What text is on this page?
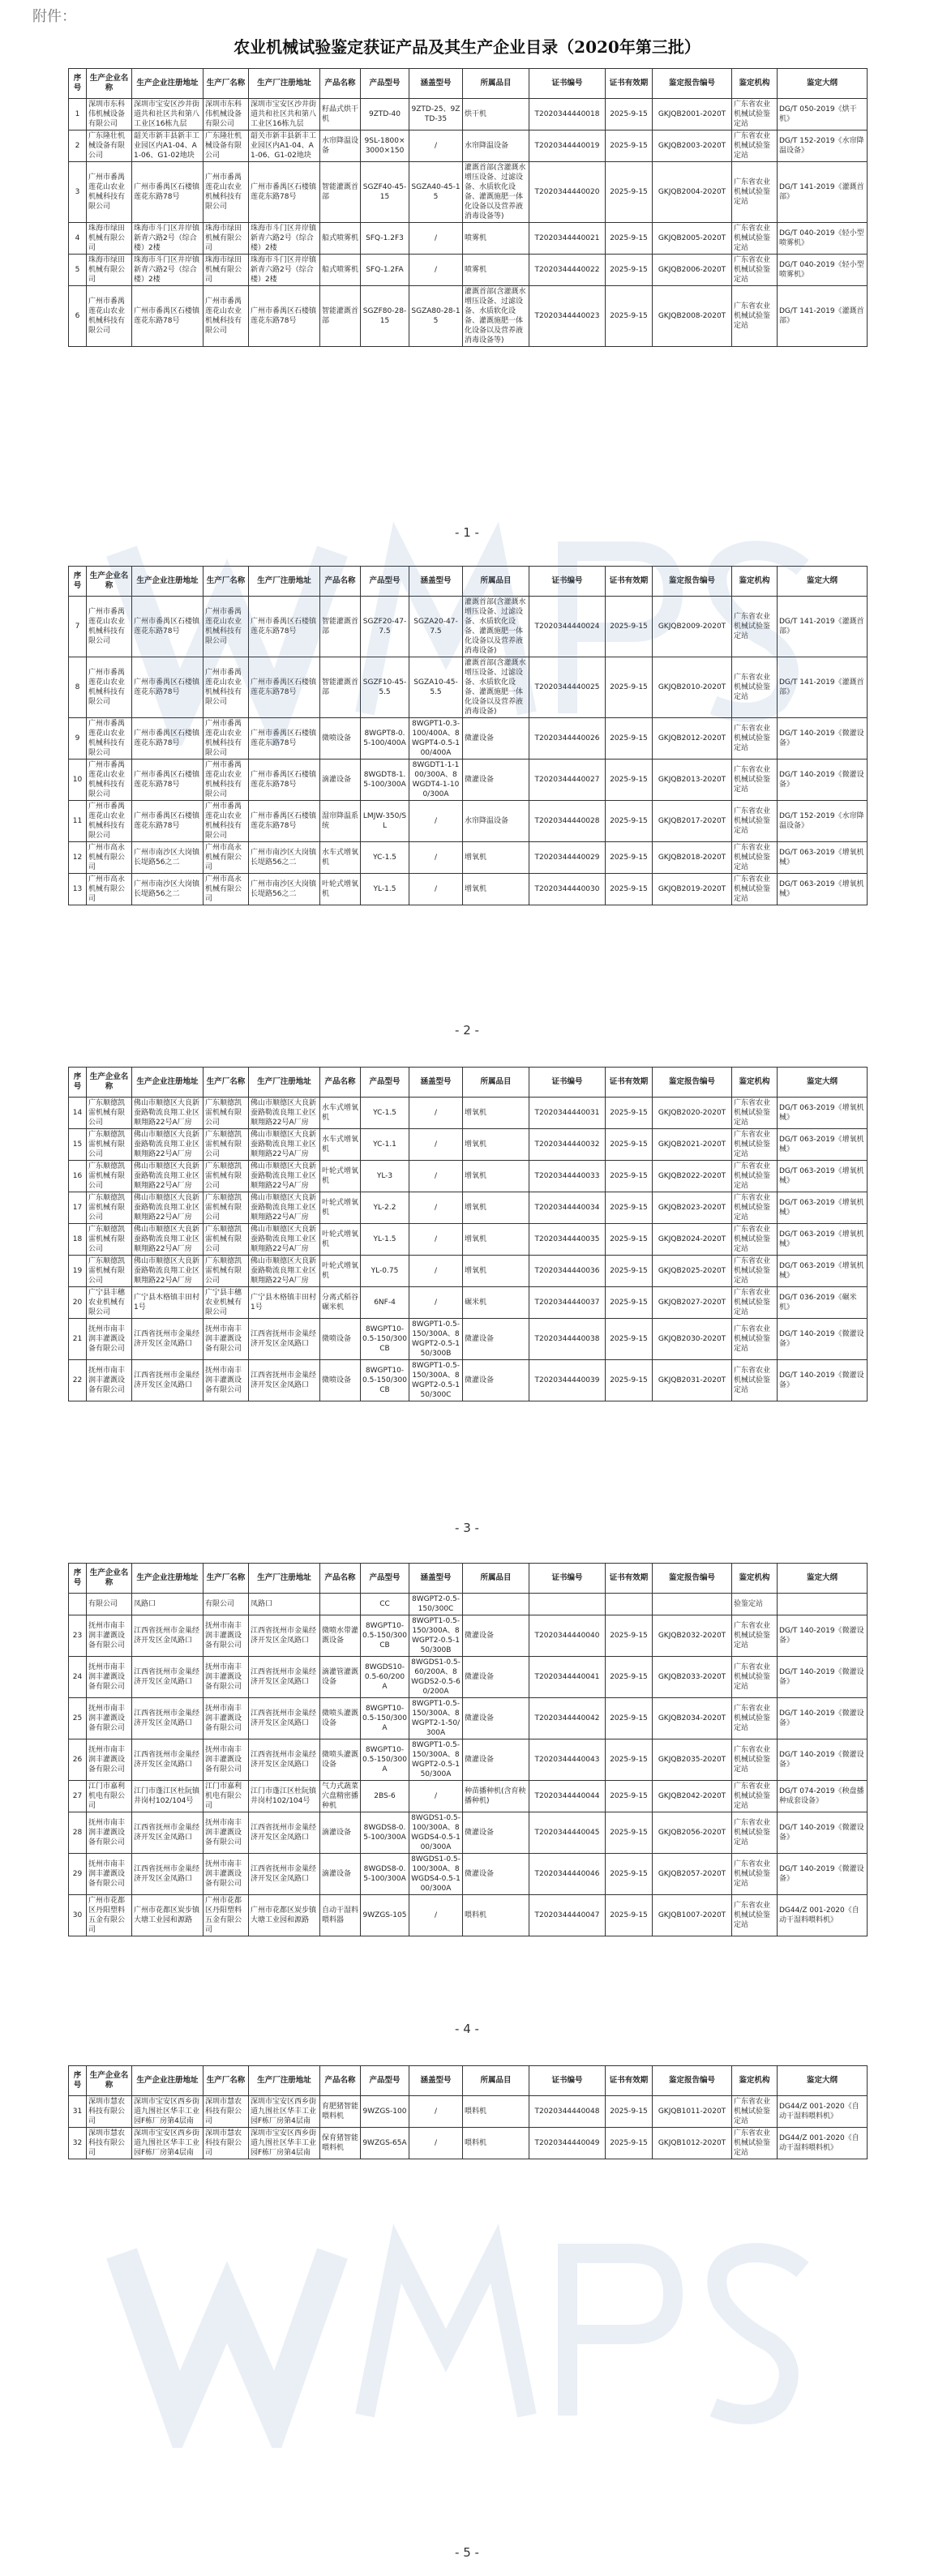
附件：
农业机械试验鉴定获证产品及其生产企业目录（2020年第三批）
序号	生产企业名称	生产企业注册地址	生产厂名称	生产厂注册地址	产品名称	产品型号	涵盖型号	所属品目	证书编号	证书有效期	鉴定报告编号	鉴定机构	鉴定大纲
1	深圳市东科伟机械设备有限公司	深圳市宝安区沙井街道共和社区共和第八工业区16栋九层	深圳市东科伟机械设备有限公司	深圳市宝安区沙井街道共和社区共和第八工业区16栋九层	籽晶式烘干机	9ZTD-40	9ZTD-25、9ZTD-35	烘干机	T2020344440018	2025-9-15	GKJQB2001-2020T	广东省农业机械试验鉴定站	DG/T 050-2019《烘干机》
2	广东隆壮机械设备有限公司	韶关市新丰县新丰工业园区内A1-04、A1-06、G1-02地块	广东隆壮机械设备有限公司	韶关市新丰县新丰工业园区内A1-04、A1-06、G1-02地块	水帘降温设备	9SL-1800×3000×150	/	水帘降温设备	T2020344440019	2025-9-15	GKJQB2003-2020T	广东省农业机械试验鉴定站	DG/T 152-2019《水帘降温设备》
3	广州市番禺莲花山农业机械科技有限公司	广州市番禺区石楼镇莲花东路78号	广州市番禺莲花山农业机械科技有限公司	广州市番禺区石楼镇莲花东路78号	智能灌溉首部	SGZF40-45-15	SGZA40-45-15	灌溉首部(含灌溉水增压设备、过滤设备、水质软化设备、灌溉施肥一体化设备以及营养液消毒设备等)	T2020344440020	2025-9-15	GKJQB2004-2020T	广东省农业机械试验鉴定站	DG/T 141-2019《灌溉首部》
4	珠海市绿田机械有限公司	珠海市斗门区井岸镇新青六路2号（综合楼）2楼	珠海市绿田机械有限公司	珠海市斗门区井岸镇新青六路2号（综合楼）2楼	船式喷雾机	SFQ-1.2F3	/	喷雾机	T2020344440021	2025-9-15	GKJQB2005-2020T	广东省农业机械试验鉴定站	DG/T 040-2019《轻小型喷雾机》
5	珠海市绿田机械有限公司	珠海市斗门区井岸镇新青六路2号（综合楼）2楼	珠海市绿田机械有限公司	珠海市斗门区井岸镇新青六路2号（综合楼）2楼	船式喷雾机	SFQ-1.2FA	/	喷雾机	T2020344440022	2025-9-15	GKJQB2006-2020T	广东省农业机械试验鉴定站	DG/T 040-2019《轻小型喷雾机》
6	广州市番禺莲花山农业机械科技有限公司	广州市番禺区石楼镇莲花东路78号	广州市番禺莲花山农业机械科技有限公司	广州市番禺区石楼镇莲花东路78号	智能灌溉首部	SGZF80-28-15	SGZA80-28-15	灌溉首部(含灌溉水增压设备、过滤设备、水质软化设备、灌溉施肥一体化设备以及营养液消毒设备等)	T2020344440023	2025-9-15	GKJQB2008-2020T	广东省农业机械试验鉴定站	DG/T 141-2019《灌溉首部》
- 1 -
序号	生产企业名称	生产企业注册地址	生产厂名称	生产厂注册地址	产品名称	产品型号	涵盖型号	所属品目	证书编号	证书有效期	鉴定报告编号	鉴定机构	鉴定大纲
7	广州市番禺莲花山农业机械科技有限公司	广州市番禺区石楼镇莲花东路78号	广州市番禺莲花山农业机械科技有限公司	广州市番禺区石楼镇莲花东路78号	智能灌溉首部	SGZF20-47-7.5	SGZA20-47-7.5	灌溉首部(含灌溉水增压设备、过滤设备、水质软化设备、灌溉施肥一体化设备以及营养液消毒设备)	T2020344440024	2025-9-15	GKJQB2009-2020T	广东省农业机械试验鉴定站	DG/T 141-2019《灌溉首部》
8	广州市番禺莲花山农业机械科技有限公司	广州市番禺区石楼镇莲花东路78号	广州市番禺莲花山农业机械科技有限公司	广州市番禺区石楼镇莲花东路78号	智能灌溉首部	SGZF10-45-5.5	SGZA10-45-5.5	灌溉首部(含灌溉水增压设备、过滤设备、水质软化设备、灌溉施肥一体化设备以及营养液消毒设备)	T2020344440025	2025-9-15	GKJQB2010-2020T	广东省农业机械试验鉴定站	DG/T 141-2019《灌溉首部》
9	广州市番禺莲花山农业机械科技有限公司	广州市番禺区石楼镇莲花东路78号	广州市番禺莲花山农业机械科技有限公司	广州市番禺区石楼镇莲花东路78号	微喷设备	8WGPT8-0.5-100/400A	8WGPT1-0.3-100/400A、8WGPT4-0.5-100/400A	微灌设备	T2020344440026	2025-9-15	GKJQB2012-2020T	广东省农业机械试验鉴定站	DG/T 140-2019《微灌设备》
10	广州市番禺莲花山农业机械科技有限公司	广州市番禺区石楼镇莲花东路78号	广州市番禺莲花山农业机械科技有限公司	广州市番禺区石楼镇莲花东路78号	滴灌设备	8WGDT8-1.5-100/300A	8WGDT1-1-100/300A、8WGDT4-1-100/300A	微灌设备	T2020344440027	2025-9-15	GKJQB2013-2020T	广东省农业机械试验鉴定站	DG/T 140-2019《微灌设备》
11	广州市番禺莲花山农业机械科技有限公司	广州市番禺区石楼镇莲花东路78号	广州市番禺莲花山农业机械科技有限公司	广州市番禺区石楼镇莲花东路78号	湿帘降温系统	LMJW-350/SL	/	水帘降温设备	T2020344440028	2025-9-15	GKJQB2017-2020T	广东省农业机械试验鉴定站	DG/T 152-2019《水帘降温设备》
12	广州市高永机械有限公司	广州市南沙区大岗镇长堤路56之二	广州市高永机械有限公司	广州市南沙区大岗镇长堤路56之二	水车式增氧机	YC-1.5	/	增氧机	T2020344440029	2025-9-15	GKJQB2018-2020T	广东省农业机械试验鉴定站	DG/T 063-2019《增氧机械》
13	广州市高永机械有限公司	广州市南沙区大岗镇长堤路56之二	广州市高永机械有限公司	广州市南沙区大岗镇长堤路56之二	叶轮式增氧机	YL-1.5	/	增氧机	T2020344440030	2025-9-15	GKJQB2019-2020T	广东省农业机械试验鉴定站	DG/T 063-2019《增氧机械》
- 2 -
序号	生产企业名称	生产企业注册地址	生产厂名称	生产厂注册地址	产品名称	产品型号	涵盖型号	所属品目	证书编号	证书有效期	鉴定报告编号	鉴定机构	鉴定大纲
14	广东顺德凯雷机械有限公司	佛山市顺德区大良新蚕路勒流良翔工业区顺翔路22号A厂房	广东顺德凯雷机械有限公司	佛山市顺德区大良新蚕路勒流良翔工业区顺翔路22号A厂房	水车式增氧机	YC-1.5	/	增氧机	T2020344440031	2025-9-15	GKJQB2020-2020T	广东省农业机械试验鉴定站	DG/T 063-2019《增氧机械》
15	广东顺德凯雷机械有限公司	佛山市顺德区大良新蚕路勒流良翔工业区顺翔路22号A厂房	广东顺德凯雷机械有限公司	佛山市顺德区大良新蚕路勒流良翔工业区顺翔路22号A厂房	水车式增氧机	YC-1.1	/	增氧机	T2020344440032	2025-9-15	GKJQB2021-2020T	广东省农业机械试验鉴定站	DG/T 063-2019《增氧机械》
16	广东顺德凯雷机械有限公司	佛山市顺德区大良新蚕路勒流良翔工业区顺翔路22号A厂房	广东顺德凯雷机械有限公司	佛山市顺德区大良新蚕路勒流良翔工业区顺翔路22号A厂房	叶轮式增氧机	YL-3	/	增氧机	T2020344440033	2025-9-15	GKJQB2022-2020T	广东省农业机械试验鉴定站	DG/T 063-2019《增氧机械》
17	广东顺德凯雷机械有限公司	佛山市顺德区大良新蚕路勒流良翔工业区顺翔路22号A厂房	广东顺德凯雷机械有限公司	佛山市顺德区大良新蚕路勒流良翔工业区顺翔路22号A厂房	叶轮式增氧机	YL-2.2	/	增氧机	T2020344440034	2025-9-15	GKJQB2023-2020T	广东省农业机械试验鉴定站	DG/T 063-2019《增氧机械》
18	广东顺德凯雷机械有限公司	佛山市顺德区大良新蚕路勒流良翔工业区顺翔路22号A厂房	广东顺德凯雷机械有限公司	佛山市顺德区大良新蚕路勒流良翔工业区顺翔路22号A厂房	叶轮式增氧机	YL-1.5	/	增氧机	T2020344440035	2025-9-15	GKJQB2024-2020T	广东省农业机械试验鉴定站	DG/T 063-2019《增氧机械》
19	广东顺德凯雷机械有限公司	佛山市顺德区大良新蚕路勒流良翔工业区顺翔路22号A厂房	广东顺德凯雷机械有限公司	佛山市顺德区大良新蚕路勒流良翔工业区顺翔路22号A厂房	叶轮式增氧机	YL-0.75	/	增氧机	T2020344440036	2025-9-15	GKJQB2025-2020T	广东省农业机械试验鉴定站	DG/T 063-2019《增氧机械》
20	广宁县丰穗农业机械有限公司	广宁县木格镇丰田村1号	广宁县丰穗农业机械有限公司	广宁县木格镇丰田村1号	分离式稻谷碾米机	6NF-4	/	碾米机	T2020344440037	2025-9-15	GKJQB2027-2020T	广东省农业机械试验鉴定站	DG/T 036-2019《碾米机》
21	抚州市南丰润丰灌溉设备有限公司	江西省抚州市金巢经济开发区金凤路口	抚州市南丰润丰灌溉设备有限公司	江西省抚州市金巢经济开发区金凤路口	微喷设备	8WGPT10-0.5-150/300CB	8WGPT1-0.5-150/300A、8WGPT2-0.5-150/300B	微灌设备	T2020344440038	2025-9-15	GKJQB2030-2020T	广东省农业机械试验鉴定站	DG/T 140-2019《微灌设备》
22	抚州市南丰润丰灌溉设备有限公司	江西省抚州市金巢经济开发区金凤路口	抚州市南丰润丰灌溉设备有限公司	江西省抚州市金巢经济开发区金凤路口	微喷设备	8WGPT10-0.5-150/300CB	8WGPT1-0.5-150/300A、8WGPT2-0.5-150/300C	微灌设备	T2020344440039	2025-9-15	GKJQB2031-2020T	广东省农业机械试验鉴定站	DG/T 140-2019《微灌设备》
- 3 -
序号	生产企业名称	生产企业注册地址	生产厂名称	生产厂注册地址	产品名称	产品型号	涵盖型号	所属品目	证书编号	证书有效期	鉴定报告编号	鉴定机构	鉴定大纲
	有限公司	凤路口	有限公司	凤路口		CC	8WGPT2-0.5-150/300C					验鉴定站	
23	抚州市南丰润丰灌溉设备有限公司	江西省抚州市金巢经济开发区金凤路口	抚州市南丰润丰灌溉设备有限公司	江西省抚州市金巢经济开发区金凤路口	微喷水带灌溉设备	8WGPT10-0.5-150/300CB	8WGPT1-0.5-150/300A、8WGPT2-0.5-150/300B	微灌设备	T2020344440040	2025-9-15	GKJQB2032-2020T	广东省农业机械试验鉴定站	DG/T 140-2019《微灌设备》
24	抚州市南丰润丰灌溉设备有限公司	江西省抚州市金巢经济开发区金凤路口	抚州市南丰润丰灌溉设备有限公司	江西省抚州市金巢经济开发区金凤路口	滴灌管灌溉设备	8WGDS10-0.5-60/200A	8WGDS1-0.5-60/200A、8WGDS2-0.5-60/200A	微灌设备	T2020344440041	2025-9-15	GKJQB2033-2020T	广东省农业机械试验鉴定站	DG/T 140-2019《微灌设备》
25	抚州市南丰润丰灌溉设备有限公司	江西省抚州市金巢经济开发区金凤路口	抚州市南丰润丰灌溉设备有限公司	江西省抚州市金巢经济开发区金凤路口	微喷头灌溉设备	8WGPT10-0.5-150/300A	8WGPT1-0.5-150/300A、8WGPT2-1-50/300A	微灌设备	T2020344440042	2025-9-15	GKJQB2034-2020T	广东省农业机械试验鉴定站	DG/T 140-2019《微灌设备》
26	抚州市南丰润丰灌溉设备有限公司	江西省抚州市金巢经济开发区金凤路口	抚州市南丰润丰灌溉设备有限公司	江西省抚州市金巢经济开发区金凤路口	微喷头灌溉设备	8WGPT10-0.5-150/300A	8WGPT1-0.5-150/300A、8WGPT2-0.5-150/300A	微灌设备	T2020344440043	2025-9-15	GKJQB2035-2020T	广东省农业机械试验鉴定站	DG/T 140-2019《微灌设备》
27	江门市嘉利机电有限公司	江门市蓬江区杜阮镇井岗村102/104号	江门市嘉利机电有限公司	江门市蓬江区杜阮镇井岗村102/104号	气力式蔬菜穴盘精密播种机	2BS-6	/	种苗播种机(含育秧播种机)	T2020344440044	2025-9-15	GKJQB2042-2020T	广东省农业机械试验鉴定站	DG/T 074-2019《秧盘播种成套设备》
28	抚州市南丰润丰灌溉设备有限公司	江西省抚州市金巢经济开发区金凤路口	抚州市南丰润丰灌溉设备有限公司	江西省抚州市金巢经济开发区金凤路口	滴灌设备	8WGDS8-0.5-100/300A	8WGDS1-0.5-100/300A、8WGDS4-0.5-100/300A	微灌设备	T2020344440045	2025-9-15	GKJQB2056-2020T	广东省农业机械试验鉴定站	DG/T 140-2019《微灌设备》
29	抚州市南丰润丰灌溉设备有限公司	江西省抚州市金巢经济开发区金凤路口	抚州市南丰润丰灌溉设备有限公司	江西省抚州市金巢经济开发区金凤路口	滴灌设备	8WGDS8-0.5-100/300A	8WGDS1-0.5-100/300A、8WGDS4-0.5-100/300A	微灌设备	T2020344440046	2025-9-15	GKJQB2057-2020T	广东省农业机械试验鉴定站	DG/T 140-2019《微灌设备》
30	广州市花都区丹阳塑料五金有限公司	广州市花都区炭步镇大塘工业园和源路	广州市花都区丹阳塑料五金有限公司	广州市花都区炭步镇大塘工业园和源路	自动干湿料喂料器	9WZGS-105	/	喂料机	T2020344440047	2025-9-15	GKJQB1007-2020T	广东省农业机械试验鉴定站	DG44/Z 001-2020《自动干湿料喂料机》
- 4 -
序号	生产企业名称	生产企业注册地址	生产厂名称	生产厂注册地址	产品名称	产品型号	涵盖型号	所属品目	证书编号	证书有效期	鉴定报告编号	鉴定机构	鉴定大纲
31	深圳市慧农科技有限公司	深圳市宝安区西乡街道九围社区华丰工业园F栋厂房第4层南	深圳市慧农科技有限公司	深圳市宝安区西乡街道九围社区华丰工业园F栋厂房第4层南	育肥猪智能喂料机	9WZGS-100	/	喂料机	T2020344440048	2025-9-15	GKJQB1011-2020T	广东省农业机械试验鉴定站	DG44/Z 001-2020《自动干湿料喂料机》
32	深圳市慧农科技有限公司	深圳市宝安区西乡街道九围社区华丰工业园F栋厂房第4层南	深圳市慧农科技有限公司	深圳市宝安区西乡街道九围社区华丰工业园F栋厂房第4层南	保育猪智能喂料机	9WZGS-65A	/	喂料机	T2020344440049	2025-9-15	GKJQB1012-2020T	广东省农业机械试验鉴定站	DG44/Z 001-2020《自动干湿料喂料机》
- 5 -
